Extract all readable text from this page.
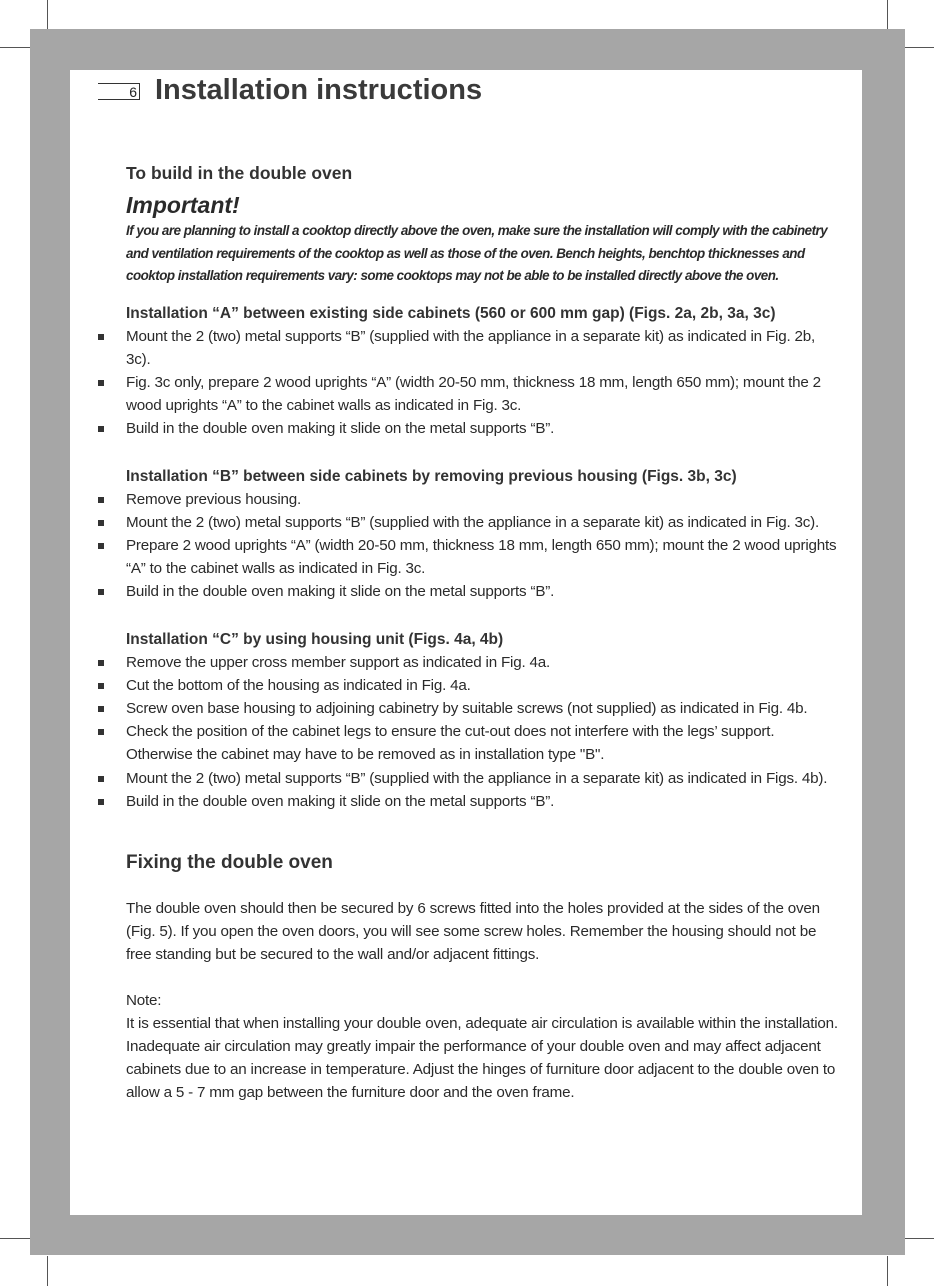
6 Installation instructions

To build in the double oven

Important!

If you are planning to install a cooktop directly above the oven, make sure the installation will comply with the cabinetry and ventilation requirements of the cooktop as well as those of the oven. Bench heights, benchtop thicknesses and cooktop installation requirements vary: some cooktops may not be able to be installed directly above the oven.

Installation “A” between existing side cabinets (560 or 600 mm gap) (Figs. 2a, 2b, 3a, 3c)

Mount the 2 (two) metal supports “B” (supplied with the appliance in a separate kit) as indicated in Fig. 2b, 3c).
Fig. 3c only, prepare 2 wood uprights “A” (width 20-50 mm, thickness 18 mm, length 650 mm); mount the 2 wood uprights “A” to the cabinet walls as indicated in Fig. 3c.
Build in the double oven making it slide on the metal supports “B”.

Installation “B” between side cabinets by removing previous housing (Figs. 3b, 3c)

Remove previous housing.
Mount the 2 (two) metal supports “B” (supplied with the appliance in a separate kit) as indicated in Fig. 3c).
Prepare 2 wood uprights “A” (width 20-50 mm, thickness 18 mm, length 650 mm); mount the 2 wood uprights “A” to the cabinet walls as indicated in Fig. 3c.
Build in the double oven making it slide on the metal supports “B”.

Installation “C” by using housing unit (Figs. 4a, 4b)

Remove the upper cross member support as indicated in Fig. 4a.
Cut the bottom of the housing as indicated in Fig. 4a.
Screw oven base housing to adjoining cabinetry by suitable screws (not supplied) as indicated in Fig. 4b.
Check the position of the cabinet legs to ensure the cut-out does not interfere with the legs’ support. Otherwise the cabinet may have to be removed as in installation type "B".
Mount the 2 (two) metal supports “B” (supplied with the appliance in a separate kit) as indicated in Figs. 4b).
Build in the double oven making it slide on the metal supports “B”.

Fixing the double oven

The double oven should then be secured by 6 screws fitted into the holes provided at the sides of the oven (Fig. 5). If you open the oven doors, you will see some screw holes. Remember the housing should not be free standing but be secured to the wall and/or adjacent fittings.

Note:

It is essential that when installing your double oven, adequate air circulation is available within the installation. Inadequate air circulation may greatly impair the performance of your double oven and may affect adjacent cabinets due to an increase in temperature. Adjust the hinges of furniture door adjacent to the double oven to allow a 5 - 7 mm gap between the furniture door and the oven frame.
